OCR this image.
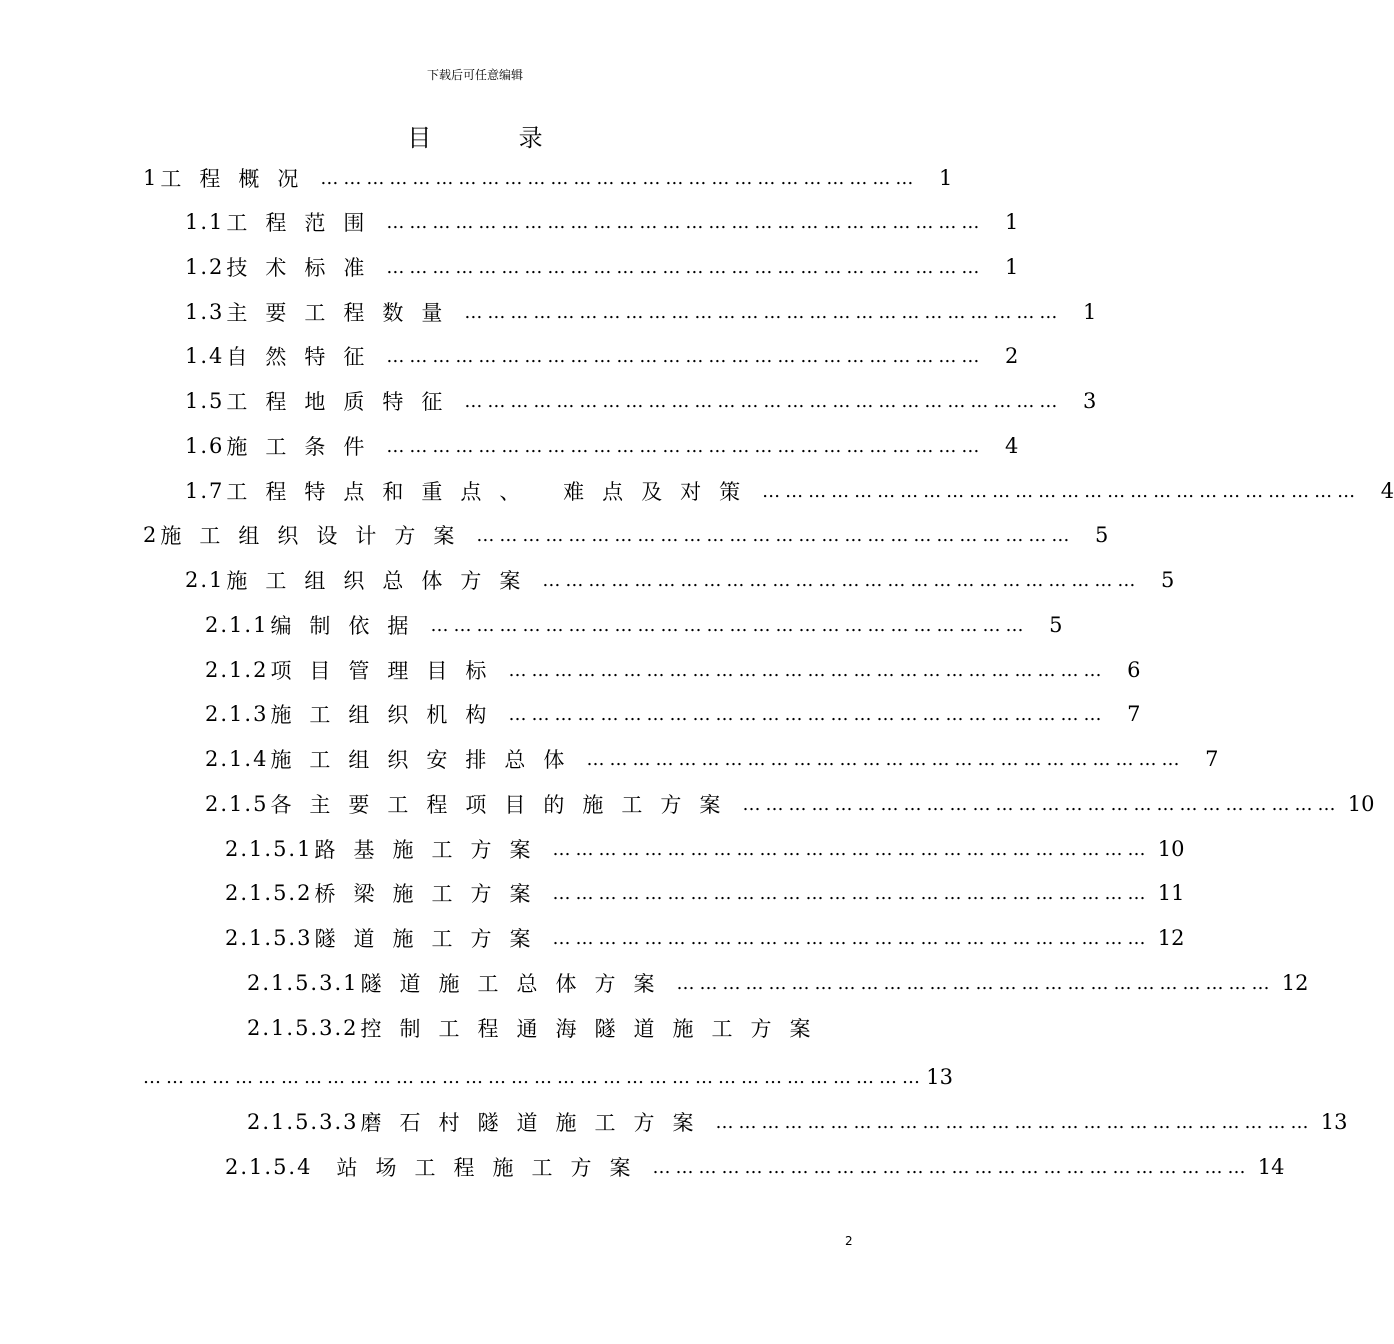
下载后可任意编辑
目	录
1 工程概况 …………………………………………………………………… 1
1.1 工程范围 …………………………………………………………………… 1
1.2 技术标准 …………………………………………………………………… 1
1.3 主要工程数量 …………………………………………………………………… 1
1.4 自然特征 …………………………………………………………………… 2
1.5 工程地质特征 …………………………………………………………………… 3
1.6 施工条件 …………………………………………………………………… 4
1.7 工程特点和重点、 难点及对策 …………………………………………………………………… 4
2 施工组织设计方案 …………………………………………………………………… 5
2.1 施工组织总体方案 …………………………………………………………………… 5
2.1.1 编制依据 …………………………………………………………………… 5
2.1.2 项目管理目标 …………………………………………………………………… 6
2.1.3 施工组织机构 …………………………………………………………………… 7
2.1.4 施工组织安排总体 …………………………………………………………………… 7
2.1.5 各主要工程项目的施工方案 …………………………………………………………………… 10
2.1.5.1 路基施工方案 …………………………………………………………………… 10
2.1.5.2 桥梁施工方案 …………………………………………………………………… 11
2.1.5.3 隧道施工方案 …………………………………………………………………… 12
2.1.5.3.1 隧道施工总体方案 …………………………………………………………………… 12
2.1.5.3.2 控制工程通海隧道施工方案
………………………………………………………………………………………… 13
2.1.5.3.3 磨石村隧道施工方案 …………………………………………………………………… 13
2.1.5.4 站场工程施工方案 …………………………………………………………………… 14
2
